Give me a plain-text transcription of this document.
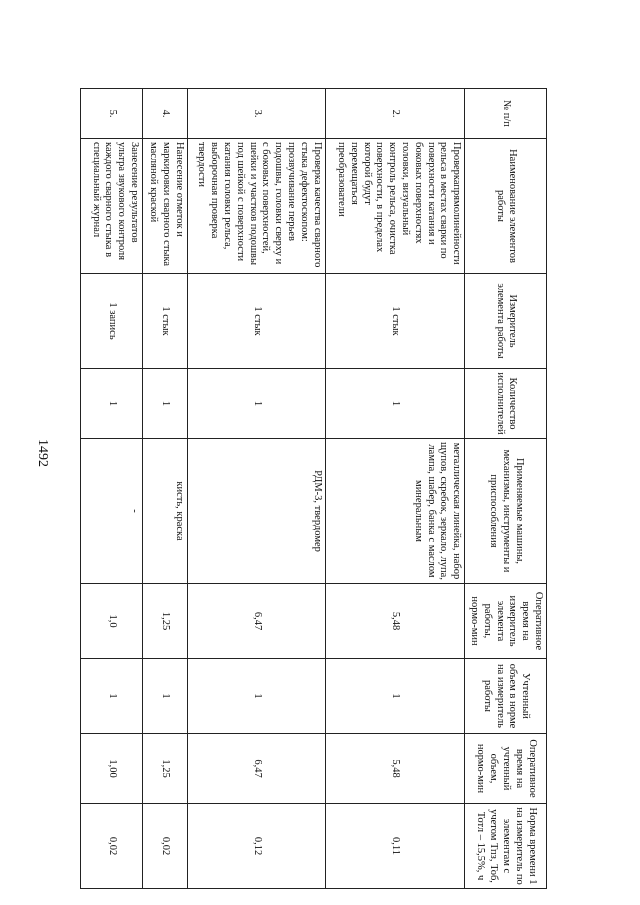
1492
№ п/п	Наименование элементов работы	Измеритель элемента работы	Количество исполнителей	Применяемые машины, механизмы, инструменты и приспособления	Оперативное время на измеритель элемента работы, нормо-мин	Учтенный объем в норме на измеритель работы	Оперативное время на учтенный объем, нормо-мин	Норма времени 1 на измеритель по элементам с учетом Тпз, Тоб, Тотл – 15,5%, ч
2.	Проверкапрямолинейности рельса в местах сварки по поверхности катания и боковых поверхностях головки, визуальный контроль рельса, очистка поверхности, в пределах которой будут перемещаться преобразователи	1 стык	1	металлическая линейка, набор щупов, скребок, зеркало, лупа, лампа, шабер, банка с маслом минеральным	5,48	1	5,48	0,11
3.	Проверка качества сварного стыка дефектоскопом: прозвучивание перьев подошвы, головки сверху и с боковых поверхностей, шейки и участков подошвы под шейкой с поверхности катания головки рельса, выборочная проверка твердости	1 стык	1	РДМ-3, твердомер	6,47	1	6,47	0,12
4.	Нанесение отметок и маркировки сварного стыка масляной краской	1 стык	1	кисть, краска	1,25	1	1,25	0,02
5.	Занесение результатов ультра звукового контроля каждого сварного стыка в специальный журнал	1 запись	1	-	1,0	1	1,00	0,02
